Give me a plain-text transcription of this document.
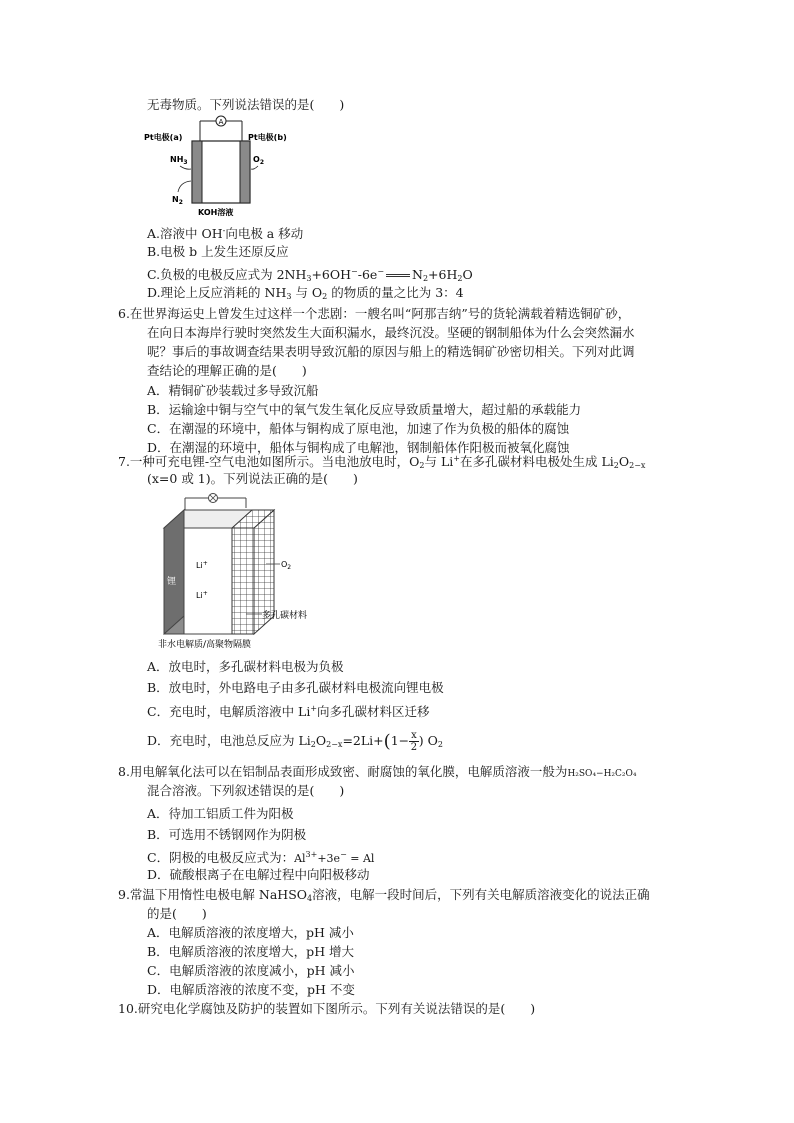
无毒物质。下列说法错误的是(　　)
A
Pt电极(a)	Pt电极(b)
$NH_3$	$O_2$
$N_2$
KOH溶液
A.溶液中 OH-向电极 a 移动
B.电极 b 上发生还原反应
C.负极的电极反应式为 $2NH_3+6OH^--6e^-$ $N_2+6H_2O$
D.理论上反应消耗的 $NH_3$ 与 $O_2$ 的物质的量之比为 3：4
6.在世界海运史上曾发生过这样一个悲剧：一艘名叫“阿那吉纳”号的货轮满载着精选铜矿砂，
在向日本海岸行驶时突然发生大面积漏水，最终沉没。坚硬的钢制船体为什么会突然漏水
呢？事后的事故调查结果表明导致沉船的原因与船上的精选铜矿砂密切相关。下列对此调
查结论的理解正确的是(　　)
A．精铜矿砂装载过多导致沉船
B．运输途中铜与空气中的氧气发生氧化反应导致质量增大，超过船的承载能力
C．在潮湿的环境中，船体与铜构成了原电池，加速了作为负极的船体的腐蚀
D．在潮湿的环境中，船体与铜构成了电解池，钢制船体作阳极而被氧化腐蚀
7.一种可充电锂-空气电池如图所示。当电池放电时，$O_2$与 Li+在多孔碳材料电极处生成 $Li_2O_{2-x}$
(x=0 或 1)。下列说法正确的是(　　)
锂
Li+
Li+
$O_2$
多孔碳材料
非水电解质/高聚物隔膜
A．放电时，多孔碳材料电极为负极
B．放电时，外电路电子由多孔碳材料电极流向锂电极
C．充电时，电解质溶液中 Li+向多孔碳材料区迁移
D．充电时，电池总反应为 $Li_2O_{2-x}=2Li+(1- \frac{x}{2}$ ) $O_2$
8.用电解氧化法可以在铝制品表面形成致密、耐腐蚀的氧化膜，电解质溶液一般为H₂SO₄−H₂C₂O₄
混合溶液。下列叙述错误的是(　　)
A．待加工铝质工件为阳极
B．可选用不锈钢网作为阴极
C．阴极的电极反应式为：$Al^{3+}+3e^- = Al$
D．硫酸根离子在电解过程中向阳极移动
9.常温下用惰性电极电解 NaHSO$_4$溶液，电解一段时间后，下列有关电解质溶液变化的说法正确
的是(　　)
A．电解质溶液的浓度增大，pH 减小
B．电解质溶液的浓度增大，pH 增大
C．电解质溶液的浓度减小，pH 减小
D．电解质溶液的浓度不变，pH 不变
10.研究电化学腐蚀及防护的装置如下图所示。下列有关说法错误的是(　　)
